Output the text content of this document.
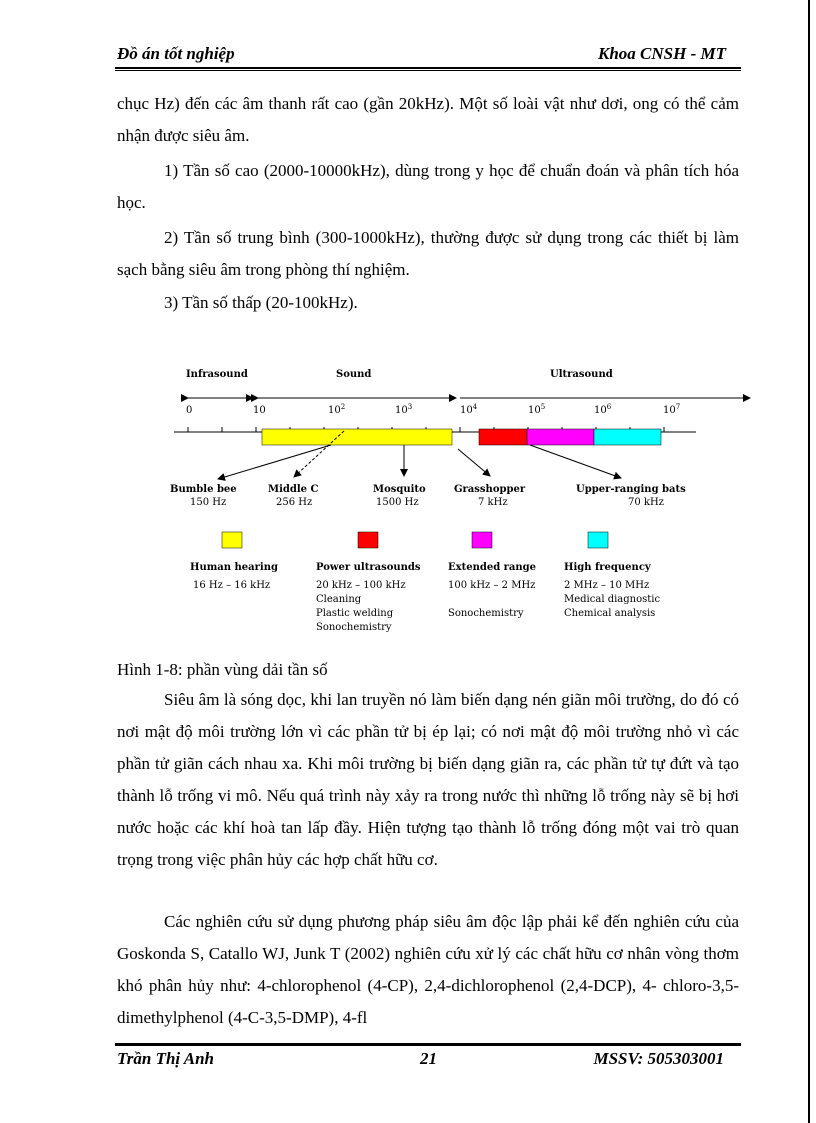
Đồ án tốt nghiệp	Khoa CNSH - MT
chục Hz) đến các âm thanh rất cao (gần 20kHz). Một số loài vật như dơi, ong có thể cảm nhận được siêu âm.
1) Tần số cao (2000-10000kHz), dùng trong y học để chuẩn đoán và phân tích hóa học.
2) Tần số trung bình (300-1000kHz), thường được sử dụng trong các thiết bị làm sạch bằng siêu âm trong phòng thí nghiệm.
3) Tần số thấp (20-100kHz).
Infrasound	Sound	Ultrasound
0	10	$10^2$	$10^3$	$10^4$	$10^5$	$10^6$	$10^7$
Bumble bee
150 Hz
Middle C
256 Hz
Mosquito
1500 Hz
Grasshopper
7 kHz
Upper-ranging bats
70 kHz
Human hearing
16 Hz – 16 kHz
Power ultrasounds
20 kHz – 100 kHz
Cleaning
Plastic welding
Sonochemistry
Extended range
100 kHz – 2 MHz
Sonochemistry
High frequency
2 MHz – 10 MHz
Medical diagnostic
Chemical analysis
Hình 1-8: phần vùng dải tần số
Siêu âm là sóng dọc, khi lan truyền nó làm biến dạng nén giãn môi trường, do đó có nơi mật độ môi trường lớn vì các phần tử bị ép lại; có nơi mật độ môi trường nhỏ vì các phần tử giãn cách nhau xa. Khi môi trường bị biến dạng giãn ra, các phần tử tự đứt và tạo thành lỗ trống vi mô. Nếu quá trình này xảy ra trong nước thì những lỗ trống này sẽ bị hơi nước hoặc các khí hoà tan lấp đầy. Hiện tượng tạo thành lỗ trống đóng một vai trò quan trọng trong việc phân hủy các hợp chất hữu cơ.
Các nghiên cứu sử dụng phương pháp siêu âm độc lập phải kể đến nghiên cứu của Goskonda S, Catallo WJ, Junk T (2002) nghiên cứu xử lý các chất hữu cơ nhân vòng thơm khó phân hủy như: 4-chlorophenol (4-CP), 2,4-dichlorophenol (2,4-DCP), 4- chloro-3,5-dimethylphenol (4-C-3,5-DMP), 4-fl
Trần Thị Anh	21	MSSV: 505303001
